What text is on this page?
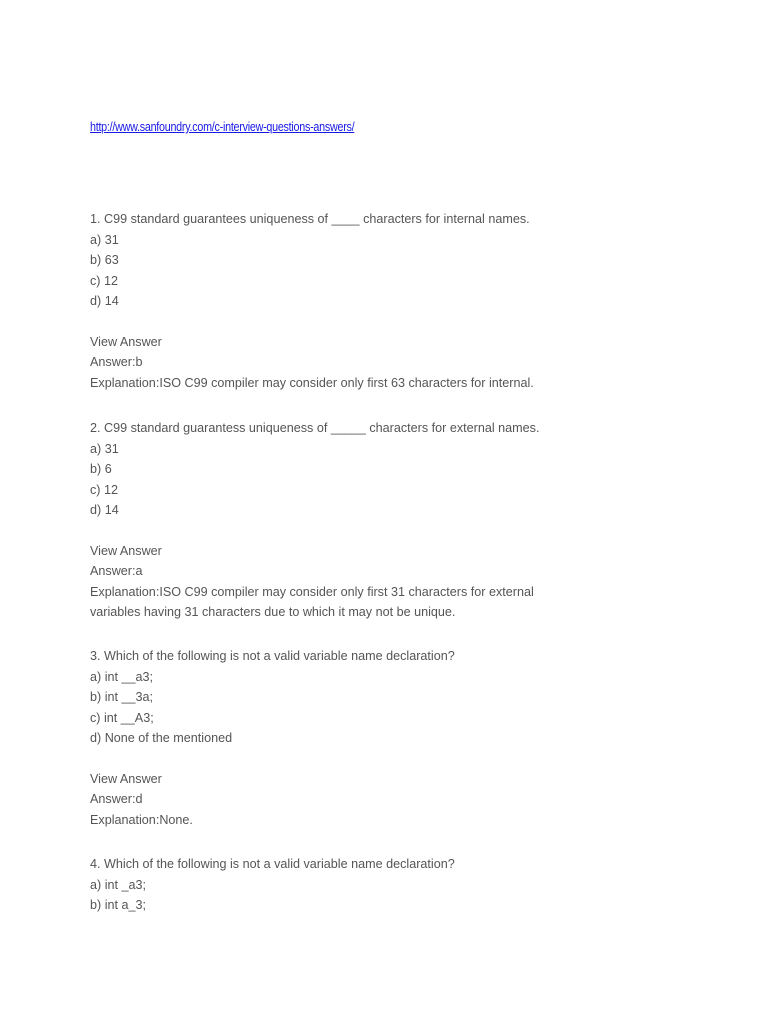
http://www.sanfoundry.com/c-interview-questions-answers/
1. C99 standard guarantees uniqueness of ____ characters for internal names.
a) 31
b) 63
c) 12
d) 14
View Answer
Answer:b
Explanation:ISO C99 compiler may consider only first 63 characters for internal.
2. C99 standard guarantess uniqueness of _____ characters for external names.
a) 31
b) 6
c) 12
d) 14
View Answer
Answer:a
Explanation:ISO C99 compiler may consider only first 31 characters for external
variables having 31 characters due to which it may not be unique.
3. Which of the following is not a valid variable name declaration?
a) int __a3;
b) int __3a;
c) int __A3;
d) None of the mentioned
View Answer
Answer:d
Explanation:None.
4. Which of the following is not a valid variable name declaration?
a) int _a3;
b) int a_3;
